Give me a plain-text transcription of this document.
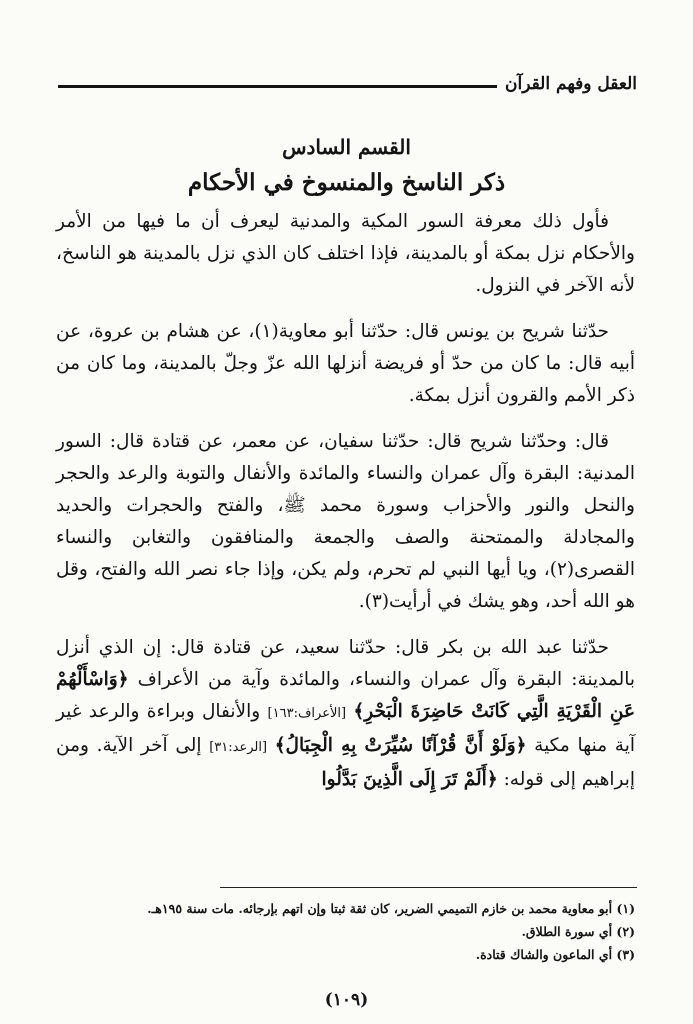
العقل وفهم القرآن
القسم السادس
ذكر الناسخ والمنسوخ في الأحكام

فأول ذلك معرفة السور المكية والمدنية ليعرف أن ما فيها من الأمر والأحكام نزل بمكة أو بالمدينة، فإذا اختلف كان الذي نزل بالمدينة هو الناسخ، لأنه الآخر في النزول.

حدّثنا شريح بن يونس قال: حدّثنا أبو معاوية(١)، عن هشام بن عروة، عن أبيه قال: ما كان من حدّ أو فريضة أنزلها الله عزّ وجلّ بالمدينة، وما كان من ذكر الأمم والقرون أنزل بمكة.

قال: وحدّثنا شريح قال: حدّثنا سفيان، عن معمر، عن قتادة قال: السور المدنية: البقرة وآل عمران والنساء والمائدة والأنفال والتوبة والرعد والحجر والنحل والنور والأحزاب وسورة محمد ﷺ، والفتح والحجرات والحديد والمجادلة والممتحنة والصف والجمعة والمنافقون والتغابن والنساء القصرى(٢)، ويا أيها النبي لم تحرم، ولم يكن، وإذا جاء نصر الله والفتح، وقل هو الله أحد، وهو يشك في أرأيت(٣).

حدّثنا عبد الله بن بكر قال: حدّثنا سعيد، عن قتادة قال: إن الذي أنزل بالمدينة: البقرة وآل عمران والنساء، والمائدة وآية من الأعراف ﴿وَاسْأَلْهُمْ عَنِ الْقَرْيَةِ الَّتِي كَانَتْ حَاضِرَةَ الْبَحْرِ﴾ [الأعراف:١٦٣] والأنفال وبراءة والرعد غير آية منها مكية ﴿وَلَوْ أَنَّ قُرْآنًا سُيِّرَتْ بِهِ الْجِبَالُ﴾ [الرعد:٣١] إلى آخر الآية. ومن إبراهيم إلى قوله: ﴿أَلَمْ تَرَ إِلَى الَّذِينَ بَدَّلُوا

(١) أبو معاوية محمد بن خازم التميمي الضرير، كان ثقة ثبتا وإن اتهم بإرجائه. مات سنة ١٩٥هـ.

(٢) أي سورة الطلاق.

(٣) أي الماعون والشاك قتادة.

(١٠٩)
